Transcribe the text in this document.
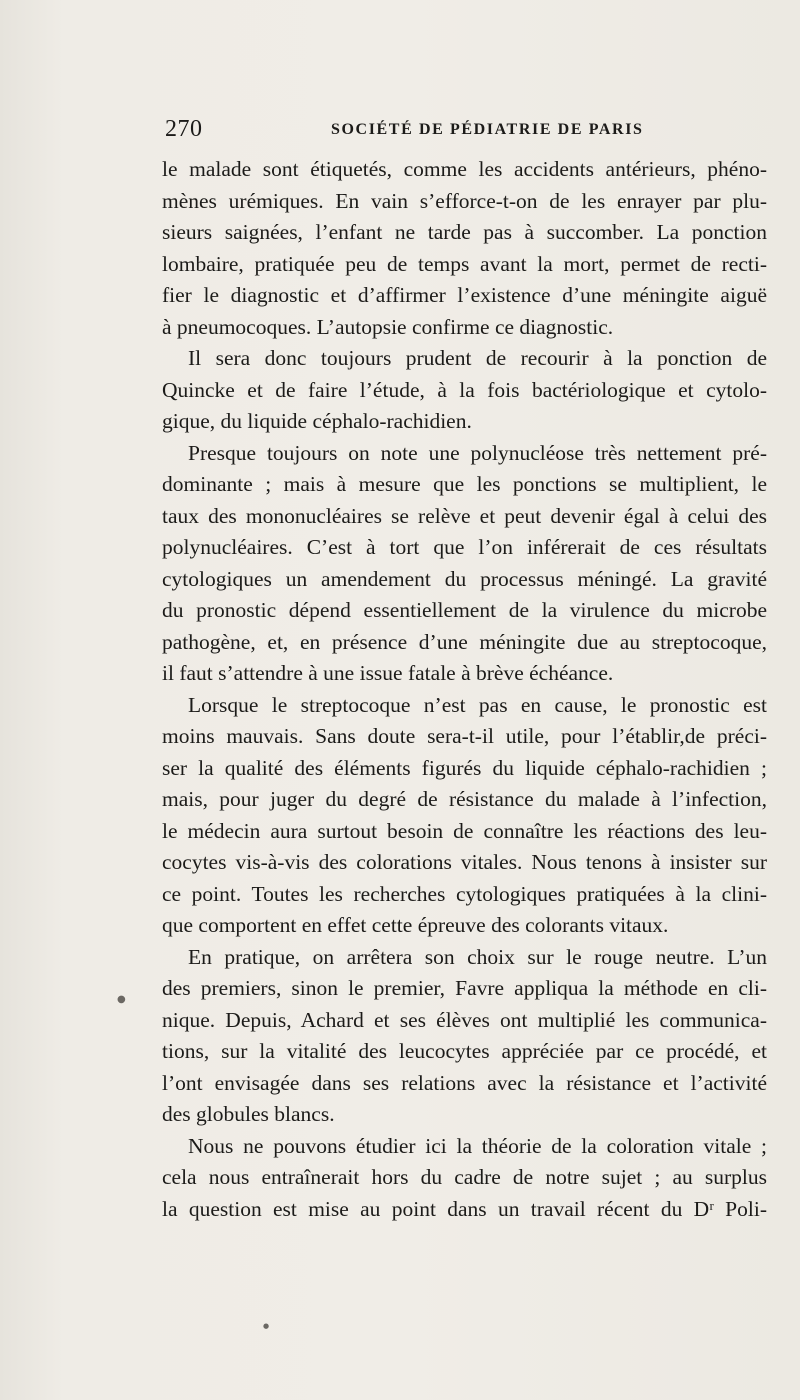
270	SOCIÉTÉ DE PÉDIATRIE DE PARIS
le malade sont étiquetés, comme les accidents antérieurs, phéno-
mènes urémiques. En vain s’efforce-t-on de les enrayer par plu-
sieurs saignées, l’enfant ne tarde pas à succomber. La ponction
lombaire, pratiquée peu de temps avant la mort, permet de recti-
fier le diagnostic et d’affirmer l’existence d’une méningite aiguë
à pneumocoques. L’autopsie confirme ce diagnostic.
Il sera donc toujours prudent de recourir à la ponction de
Quincke et de faire l’étude, à la fois bactériologique et cytolo-
gique, du liquide céphalo-rachidien.
Presque toujours on note une polynucléose très nettement pré-
dominante ; mais à mesure que les ponctions se multiplient, le
taux des mononucléaires se relève et peut devenir égal à celui des
polynucléaires. C’est à tort que l’on inférerait de ces résultats
cytologiques un amendement du processus méningé. La gravité
du pronostic dépend essentiellement de la virulence du microbe
pathogène, et, en présence d’une méningite due au streptocoque,
il faut s’attendre à une issue fatale à brève échéance.
Lorsque le streptocoque n’est pas en cause, le pronostic est
moins mauvais. Sans doute sera-t-il utile, pour l’établir,de préci-
ser la qualité des éléments figurés du liquide céphalo-rachidien ;
mais, pour juger du degré de résistance du malade à l’infection,
le médecin aura surtout besoin de connaître les réactions des leu-
cocytes vis-à-vis des colorations vitales. Nous tenons à insister sur
ce point. Toutes les recherches cytologiques pratiquées à la clini-
que comportent en effet cette épreuve des colorants vitaux.
En pratique, on arrêtera son choix sur le rouge neutre. L’un
des premiers, sinon le premier, Favre appliqua la méthode en cli-
nique. Depuis, Achard et ses élèves ont multiplié les communica-
tions, sur la vitalité des leucocytes appréciée par ce procédé, et
l’ont envisagée dans ses relations avec la résistance et l’activité
des globules blancs.
Nous ne pouvons étudier ici la théorie de la coloration vitale ;
cela nous entraînerait hors du cadre de notre sujet ; au surplus
la question est mise au point dans un travail récent du Dʳ Poli-
●
●
